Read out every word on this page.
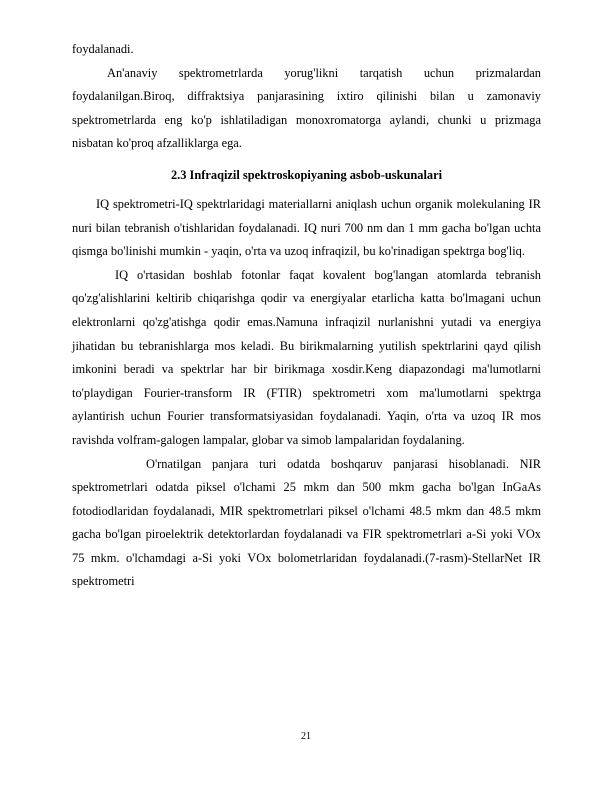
foydalanadi.

An'anaviy spektrometrlarda yorug'likni tarqatish uchun prizmalardan foydalanilgan.Biroq, diffraktsiya panjarasining ixtiro qilinishi bilan u zamonaviy spektrometrlarda eng ko'p ishlatiladigan monoxromatorga aylandi, chunki u prizmaga nisbatan ko'proq afzalliklarga ega.

2.3 Infraqizil spektroskopiyaning asbob-uskunalari

IQ spektrometri-IQ spektrlaridagi materiallarni aniqlash uchun organik molekulaning IR nuri bilan tebranish o'tishlaridan foydalanadi. IQ nuri 700 nm dan 1 mm gacha bo'lgan uchta qismga bo'linishi mumkin - yaqin, o'rta va uzoq infraqizil, bu ko'rinadigan spektrga bog'liq.

IQ o'rtasidan boshlab fotonlar faqat kovalent bog'langan atomlarda tebranish qo'zg'alishlarini keltirib chiqarishga qodir va energiyalar etarlicha katta bo'lmagani uchun elektronlarni qo'zg'atishga qodir emas.Namuna infraqizil nurlanishni yutadi va energiya jihatidan bu tebranishlarga mos keladi. Bu birikmalarning yutilish spektrlarini qayd qilish imkonini beradi va spektrlar har bir birikmaga xosdir.Keng diapazondagi ma'lumotlarni to'playdigan Fourier-transform IR (FTIR) spektrometri xom ma'lumotlarni spektrga aylantirish uchun Fourier transformatsiyasidan foydalanadi. Yaqin, o'rta va uzoq IR mos ravishda volfram-galogen lampalar, globar va simob lampalaridan foydalaning.

O'rnatilgan panjara turi odatda boshqaruv panjarasi hisoblanadi. NIR spektrometrlari odatda piksel o'lchami 25 mkm dan 500 mkm gacha bo'lgan InGaAs fotodiodlaridan foydalanadi, MIR spektrometrlari piksel o'lchami 48.5 mkm dan 48.5 mkm gacha bo'lgan piroelektrik detektorlardan foydalanadi va FIR spektrometrlari a-Si yoki VOx 75 mkm. o'lchamdagi a-Si yoki VOx bolometrlaridan foydalanadi.(7-rasm)-StellarNet IR spektrometri

21
